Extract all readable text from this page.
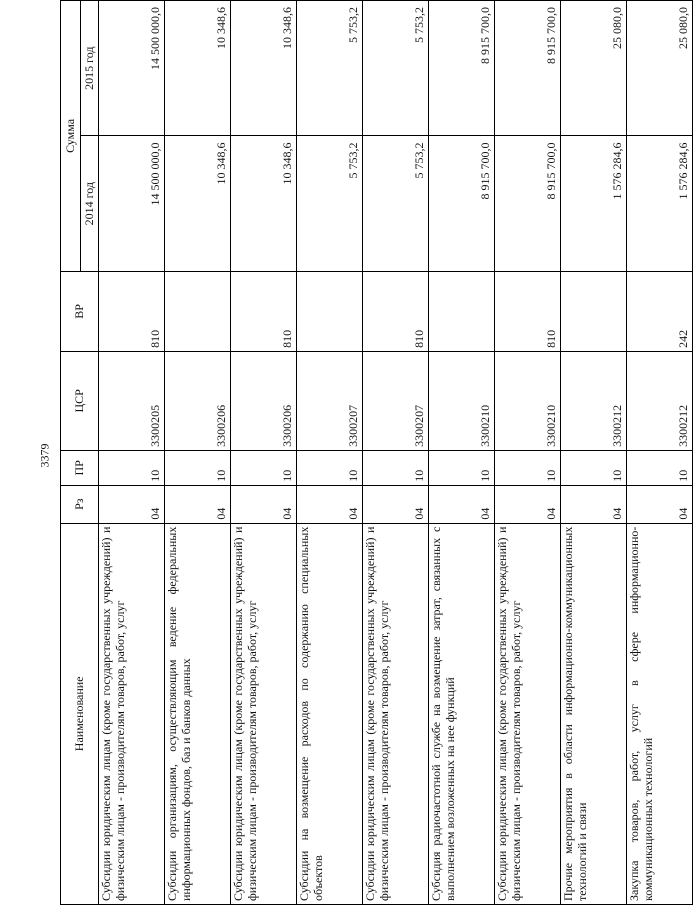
3379
Наименование	Рз	ПР	ЦСР	ВР	Сумма	
					2014 год	2015 год
Субсидии юридическим лицам (кроме государственных учреждений) и физическим лицам - производителям товаров, работ, услуг	04	10	3300205	810	14 500 000,0	14 500 000,0
Субсидии организациям, осуществляющим ведение федеральных информационных фондов, баз и банков данных	04	10	3300206		10 348,6	10 348,6
Субсидии юридическим лицам (кроме государственных учреждений) и физическим лицам - производителям товаров, работ, услуг	04	10	3300206	810	10 348,6	10 348,6
Субсидии на возмещение расходов по содержанию специальных объектов	04	10	3300207		5 753,2	5 753,2
Субсидии юридическим лицам (кроме государственных учреждений) и физическим лицам - производителям товаров, работ, услуг	04	10	3300207	810	5 753,2	5 753,2
Субсидия радиочастотной службе на возмещение затрат, связанных с выполнением возложенных на нее функций	04	10	3300210		8 915 700,0	8 915 700,0
Субсидии юридическим лицам (кроме государственных учреждений) и физическим лицам - производителям товаров, работ, услуг	04	10	3300210	810	8 915 700,0	8 915 700,0
Прочие мероприятия в области информационно-коммуникационных технологий и связи	04	10	3300212		1 576 284,6	25 080,0
Закупка товаров, работ, услуг в сфере информационно-коммуникационных технологий	04	10	3300212	242	1 576 284,6	25 080,0
